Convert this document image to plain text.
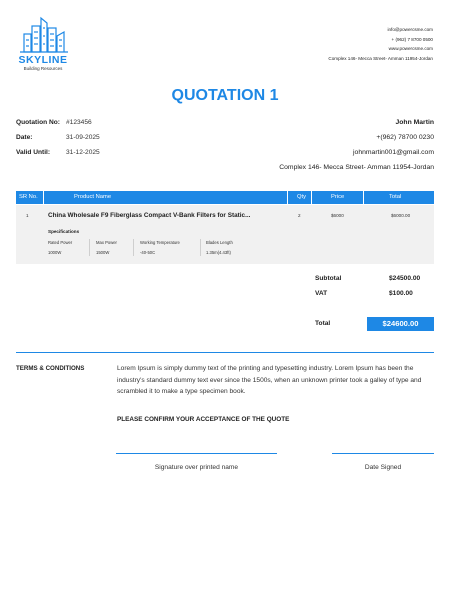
SKYLINE
Building Resources
info@powercsme.com
+ (962) 7 8700 0500
www.powercsme.com
Complex 146- Mecca Street- Amman 11954-Jordan
QUOTATION 1
Quotation No: #123456
Date:	31-09-2025
Valid Until: 31-12-2025
John Martin
+(962) 78700 0230
johnmartin001@gmail.com
Complex 146- Mecca Street- Amman 11954-Jordan
SR No.	Product Name	Qty	Price	Total
1	China Wholesale F9 Fiberglass Compact V-Bank Filters for Static...	2	$6000	$6000.00
Specifications
Rated Power
1000W
Max Power
1500W
Working Temperature
-40-50C
Blades Length
1.35m(4.43ft)
Subtotal	$24500.00
VAT	$100.00
Total	$24600.00
TERMS & CONDITIONS	Lorem Ipsum is simply dummy text of the printing and typesetting industry. Lorem Ipsum has been the industry's standard dummy text ever since the 1500s, when an unknown printer took a galley of type and scrambled it to make a type specimen book.
PLEASE CONFIRM YOUR ACCEPTANCE OF THE QUOTE
Signature over printed name	Date Signed
